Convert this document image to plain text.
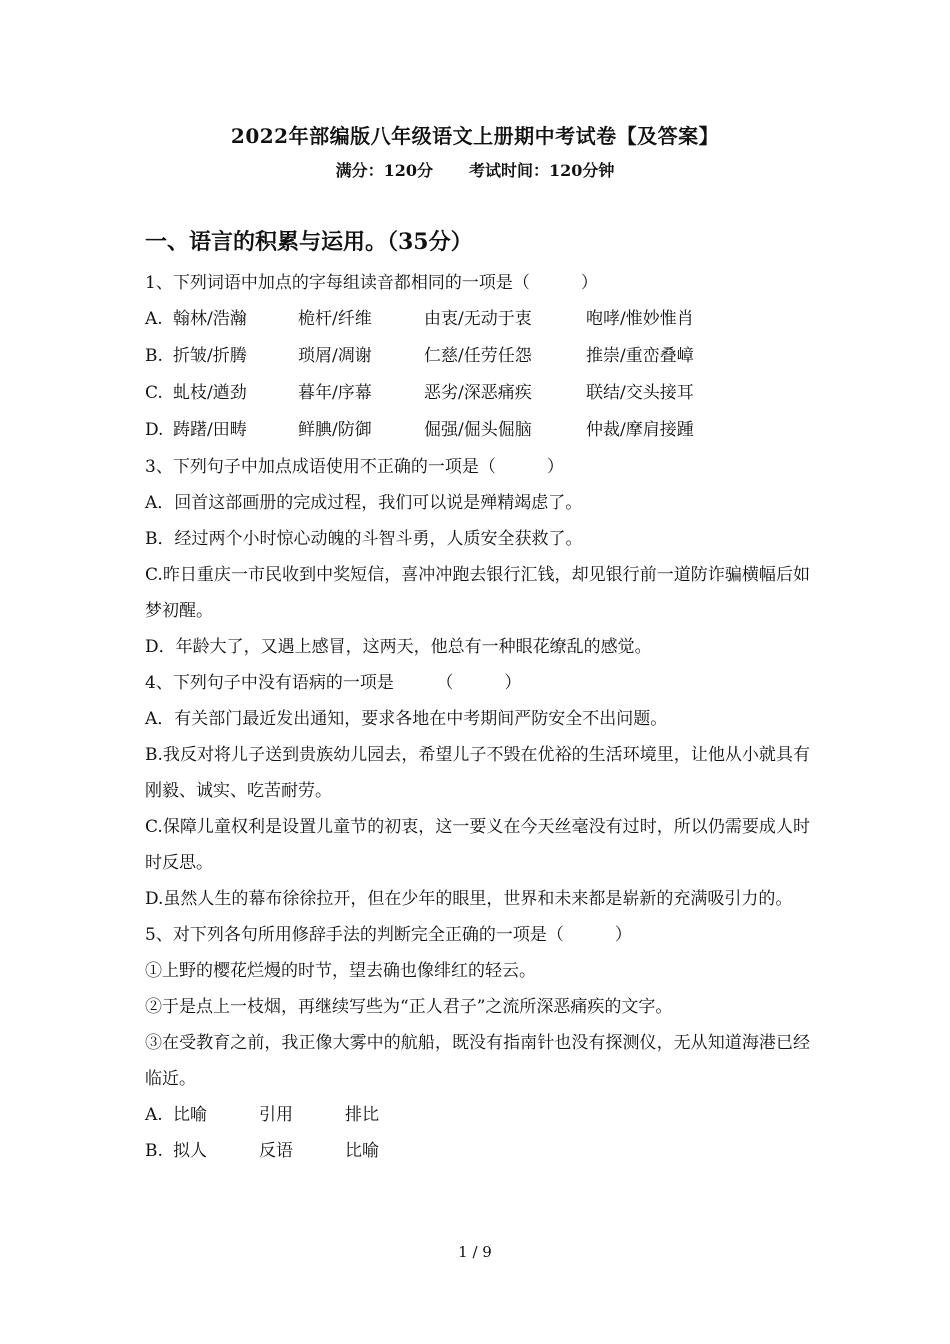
2022年部编版八年级语文上册期中考试卷【及答案】
满分：120分 考试时间：120分钟
一、语言的积累与运用。（35分）
1、下列词语中加点的字每组读音都相同的一项是（　　　）
A. 翰林/浩瀚	桅杆/纤维	由衷/无动于衷	咆哮/惟妙惟肖
B. 折皱/折腾	琐屑/凋谢	仁慈/任劳任怨	推崇/重峦叠嶂
C. 虬枝/遒劲	暮年/序幕	恶劣/深恶痛疾	联结/交头接耳
D. 踌躇/田畴	鲜腆/防御	倔强/倔头倔脑	仲裁/摩肩接踵
3、下列句子中加点成语使用不正确的一项是（　　　）
A．回首这部画册的完成过程，我们可以说是殚精竭虑了。
B．经过两个小时惊心动魄的斗智斗勇，人质安全获救了。
C.昨日重庆一市民收到中奖短信，喜冲冲跑去银行汇钱，却见银行前一道防诈骗横幅后如梦初醒。
D．年龄大了，又遇上感冒，这两天，他总有一种眼花缭乱的感觉。
4、下列句子中没有语病的一项是　　　（　　　）
A．有关部门最近发出通知，要求各地在中考期间严防安全不出问题。
B.我反对将儿子送到贵族幼儿园去，希望儿子不毁在优裕的生活环境里，让他从小就具有刚毅、诚实、吃苦耐劳。
C.保障儿童权利是设置儿童节的初衷，这一要义在今天丝毫没有过时，所以仍需要成人时时反思。
D.虽然人生的幕布徐徐拉开，但在少年的眼里，世界和未来都是崭新的充满吸引力的。
5、对下列各句所用修辞手法的判断完全正确的一项是（　　　）
①上野的樱花烂熳的时节，望去确也像绯红的轻云。
②于是点上一枝烟，再继续写些为“正人君子”之流所深恶痛疾的文字。
③在受教育之前，我正像大雾中的航船，既没有指南针也没有探测仪，无从知道海港已经临近。
A. 比喻	引用	排比
B. 拟人	反语	比喻
1 / 9
